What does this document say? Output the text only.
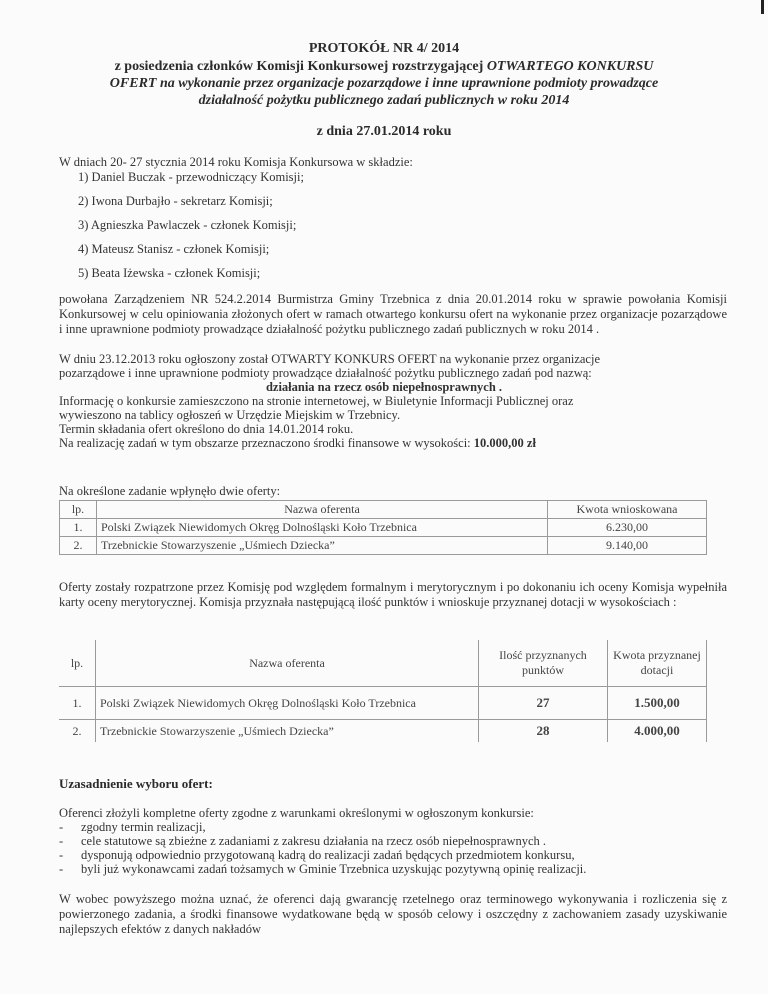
PROTOKÓŁ NR 4/ 2014
z posiedzenia członków Komisji Konkursowej rozstrzygającej OTWARTEGO KONKURSU
OFERT na wykonanie przez organizacje pozarządowe i inne uprawnione podmioty prowadzące
działalność pożytku publicznego zadań publicznych w roku 2014
z dnia 27.01.2014 roku
W dniach 20- 27 stycznia 2014 roku Komisja Konkursowa w składzie:
1) Daniel Buczak - przewodniczący Komisji;
2) Iwona Durbajło - sekretarz Komisji;
3) Agnieszka Pawlaczek - członek Komisji;
4) Mateusz Stanisz - członek Komisji;
5) Beata Iżewska - członek Komisji;
powołana Zarządzeniem NR 524.2.2014 Burmistrza Gminy Trzebnica z dnia 20.01.2014 roku w sprawie powołania Komisji Konkursowej w celu opiniowania złożonych ofert w ramach otwartego konkursu ofert na wykonanie przez organizacje pozarządowe i inne uprawnione podmioty prowadzące działalność pożytku publicznego zadań publicznych w roku 2014 .
W dniu 23.12.2013 roku ogłoszony został OTWARTY KONKURS OFERT na wykonanie przez organizacje
pozarządowe i inne uprawnione podmioty prowadzące działalność pożytku publicznego zadań pod nazwą:
działania na rzecz osób niepełnosprawnych .
Informację o konkursie zamieszczono na stronie internetowej, w Biuletynie Informacji Publicznej oraz
wywieszono na tablicy ogłoszeń w Urzędzie Miejskim w Trzebnicy.
Termin składania ofert określono do dnia 14.01.2014 roku.
Na realizację zadań w tym obszarze przeznaczono środki finansowe w wysokości: 10.000,00 zł
Na określone zadanie wpłynęło dwie oferty:
lp.	Nazwa oferenta	Kwota wnioskowana
1.	Polski Związek Niewidomych Okręg Dolnośląski Koło Trzebnica	6.230,00
2.	Trzebnickie Stowarzyszenie „Uśmiech Dziecka”	9.140,00
Oferty zostały rozpatrzone przez Komisję pod względem formalnym i merytorycznym i po dokonaniu ich oceny Komisja wypełniła karty oceny merytorycznej. Komisja przyznała następującą ilość punktów i wnioskuje przyznanej dotacji w wysokościach :
lp.	Nazwa oferenta	Ilość przyznanych punktów	Kwota przyznanej dotacji
1.	Polski Związek Niewidomych Okręg Dolnośląski Koło Trzebnica	27	1.500,00
2.	Trzebnickie Stowarzyszenie „Uśmiech Dziecka”	28	4.000,00
Uzasadnienie wyboru ofert:
Oferenci złożyli kompletne oferty zgodne z warunkami określonymi w ogłoszonym konkursie:
- zgodny termin realizacji,
- cele statutowe są zbieżne z zadaniami z zakresu działania na rzecz osób niepełnosprawnych .
- dysponują odpowiednio przygotowaną kadrą do realizacji zadań będących przedmiotem konkursu,
- byli już wykonawcami zadań tożsamych w Gminie Trzebnica uzyskując pozytywną opinię realizacji.
W wobec powyższego można uznać, że oferenci dają gwarancję rzetelnego oraz terminowego wykonywania i rozliczenia się z powierzonego zadania, a środki finansowe wydatkowane będą w sposób celowy i oszczędny z zachowaniem zasady uzyskiwanie najlepszych efektów z danych nakładów
